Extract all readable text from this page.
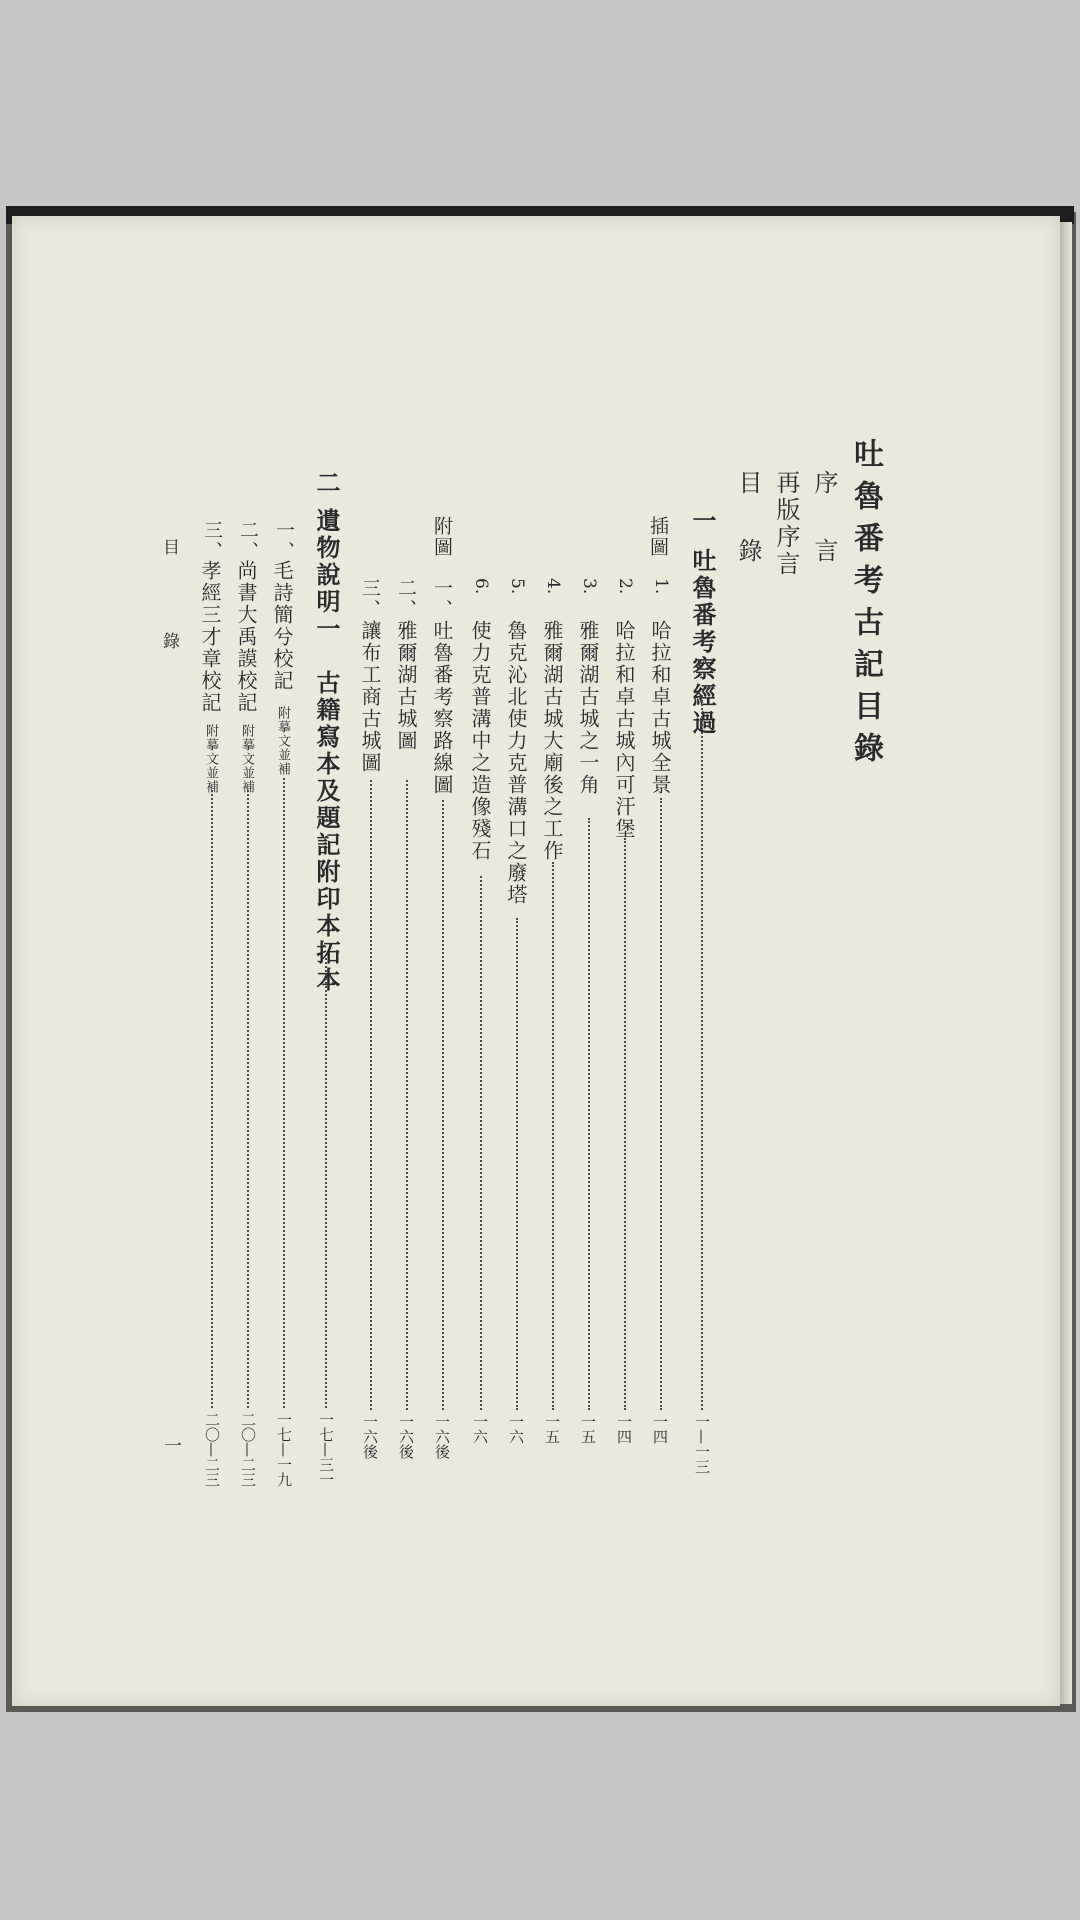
吐魯番考古記目錄
序　言
再版序言
目　錄
一
吐魯番考察經過
一—一三
插圖
1.
哈拉和卓古城全景
一四
2.
哈拉和卓古城內可汗堡
一四
3.
雅爾湖古城之一角
一五
4.
雅爾湖古城大廟後之工作
一五
5.
魯克沁北使力克普溝口之廢塔
一六
6.
使力克普溝中之造像殘石
一六
附圖
一、
吐魯番考察路線圖
一六後
二、
雅爾湖古城圖
一六後
三、
讓布工商古城圖
一六後
二
遺物說明一　古籍寫本及題記附印本拓本
一七—三一
一、
毛詩簡兮校記
附摹文並補
一七—一九
二、
尚書大禹謨校記
附摹文並補
二〇—二三
三、
孝經三才章校記
附摹文並補
二〇—二三
目　錄
一
